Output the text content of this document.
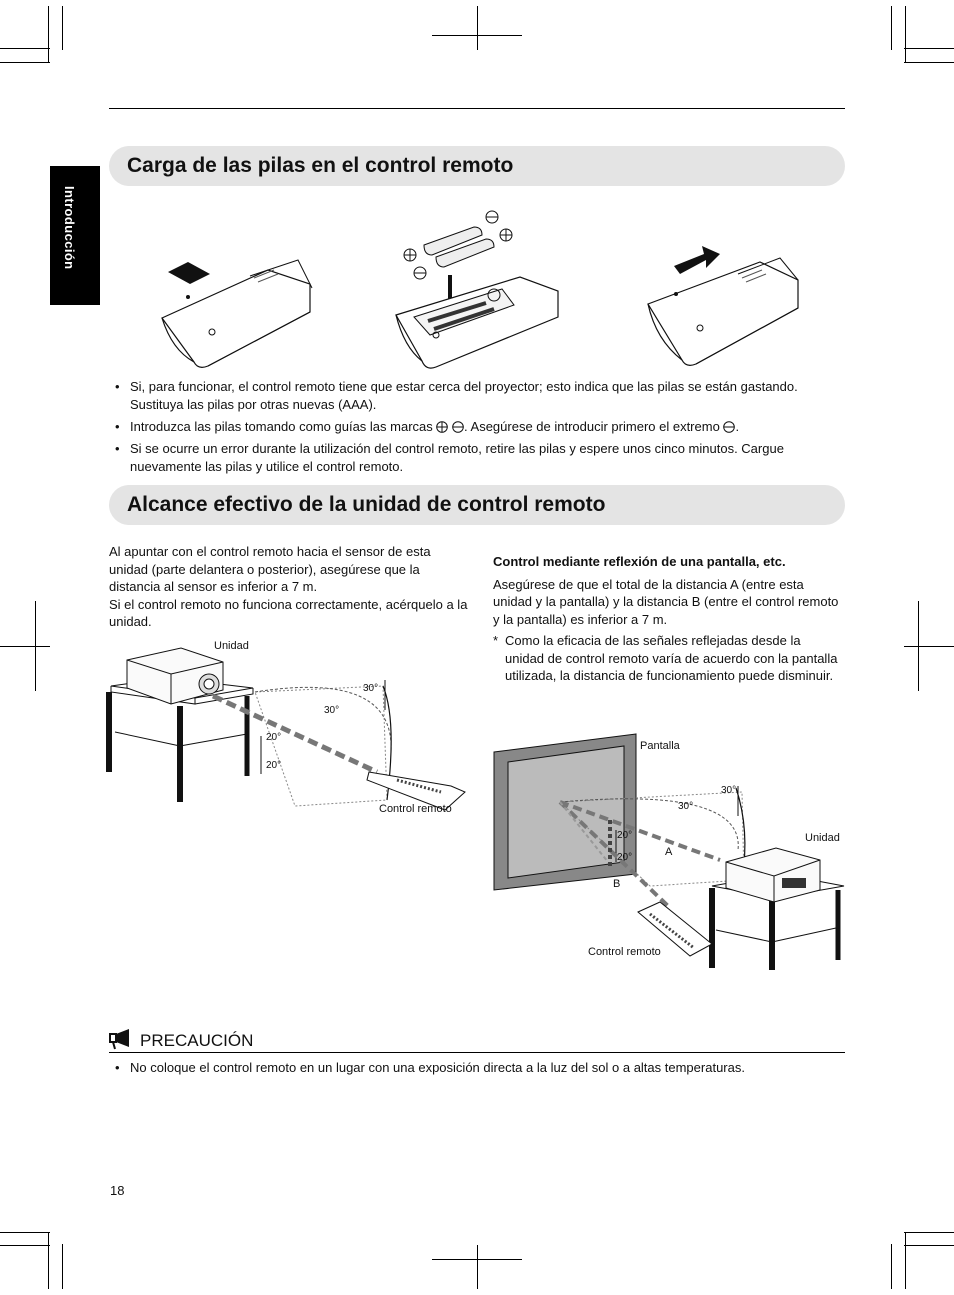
Introducción
Carga de las pilas en el control remoto
• Si, para funcionar, el control remoto tiene que estar cerca del proyector; esto indica que las pilas se están gastando. Sustituya las pilas por otras nuevas (AAA).
• Introduzca las pilas tomando como guías las marcas . Asegúrese de introducir primero el extremo .
• Si se ocurre un error durante la utilización del control remoto, retire las pilas y espere unos cinco minutos. Cargue nuevamente las pilas y utilice el control remoto.
Alcance efectivo de la unidad de control remoto

Al apuntar con el control remoto hacia el sensor de esta unidad (parte delantera o posterior), asegúrese que la distancia al sensor es inferior a 7 m.

Si el control remoto no funciona correctamente, acérquelo a la unidad.

Control mediante reflexión de una pantalla, etc.

Asegúrese de que el total de la distancia A (entre esta unidad y la pantalla) y la distancia B (entre el control remoto y la pantalla) es inferior a 7 m.

* Como la eficacia de las señales reflejadas desde la unidad de control remoto varía de acuerdo con la pantalla utilizada, la distancia de funcionamiento puede disminuir.
Unidad
30°
30°
20°
20°
Control remoto
Pantalla
30°
30°
20°
20°
Unidad
A
B
Control remoto
PRECAUCIÓN
• No coloque el control remoto en un lugar con una exposición directa a la luz del sol o a altas temperaturas.
18
